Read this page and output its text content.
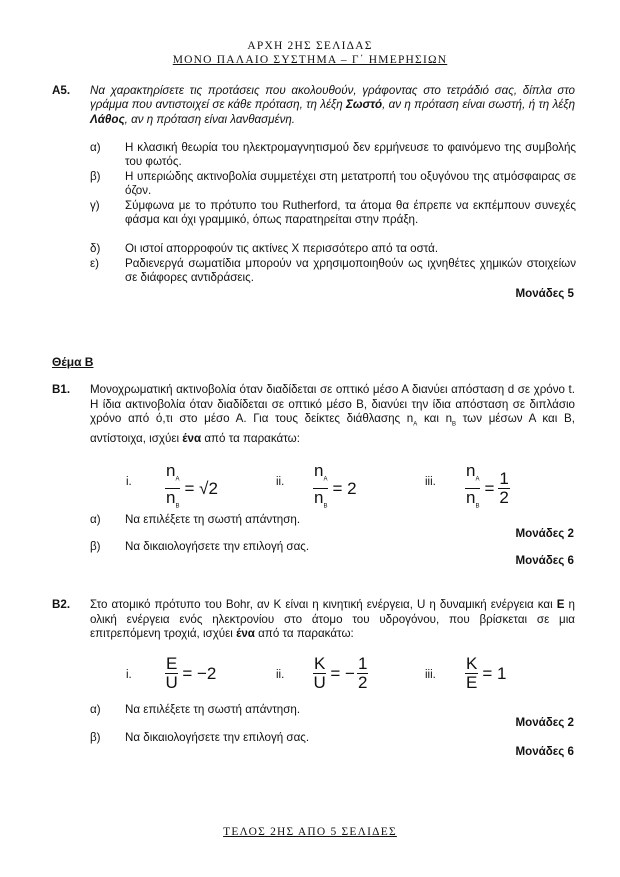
ΑΡΧΗ 2ΗΣ ΣΕΛΙΔΑΣ
ΜΟΝΟ ΠΑΛΑΙΟ ΣΥΣΤΗΜΑ – Γ΄ ΗΜΕΡΗΣΙΩΝ
Α5. Να χαρακτηρίσετε τις προτάσεις που ακολουθούν, γράφοντας στο τετράδιό σας, δίπλα στο γράμμα που αντιστοιχεί σε κάθε πρόταση, τη λέξη Σωστό, αν η πρόταση είναι σωστή, ή τη λέξη Λάθος, αν η πρόταση είναι λανθασμένη.
α) Η κλασική θεωρία του ηλεκτρομαγνητισμού δεν ερμήνευσε το φαινόμενο της συμβολής του φωτός.
β) Η υπεριώδης ακτινοβολία συμμετέχει στη μετατροπή του οξυγόνου της ατμόσφαιρας σε όζον.
γ) Σύμφωνα με το πρότυπο του Rutherford, τα άτομα θα έπρεπε να εκπέμπουν συνεχές φάσμα και όχι γραμμικό, όπως παρατηρείται στην πράξη.
δ) Οι ιστοί απορροφούν τις ακτίνες Χ περισσότερο από τα οστά.
ε) Ραδιενεργά σωματίδια μπορούν να χρησιμοποιηθούν ως ιχνηθέτες χημικών στοιχείων σε διάφορες αντιδράσεις.
Μονάδες 5
Θέμα Β
Β1. Μονοχρωματική ακτινοβολία όταν διαδίδεται σε οπτικό μέσο Α διανύει απόσταση d σε χρόνο t. Η ίδια ακτινοβολία όταν διαδίδεται σε οπτικό μέσο Β, διανύει την ίδια απόσταση σε διπλάσιο χρόνο από ό,τι στο μέσο Α. Για τους δείκτες διάθλασης $n_A$ και $n_B$ των μέσων Α και Β, αντίστοιχα, ισχύει ένα από τα παρακάτω:
i. $\frac{n_A}{n_B} = √2$	ii. $\frac{n_A}{n_B} = 2$	iii. $\frac{n_A}{n_B} = \frac{1}{2}$
α) Να επιλέξετε τη σωστή απάντηση.
Μονάδες 2
β) Να δικαιολογήσετε την επιλογή σας.
Μονάδες 6
Β2. Στο ατομικό πρότυπο του Bohr, αν K είναι η κινητική ενέργεια, U η δυναμική ενέργεια και Ε η ολική ενέργεια ενός ηλεκτρονίου στο άτομο του υδρογόνου, που βρίσκεται σε μια επιτρεπόμενη τροχιά, ισχύει ένα από τα παρακάτω:
i. $\frac{E}{U} = -2$	ii. $\frac{K}{U}$ = − $\frac{1}{2}$	iii. $\frac{K}{E} = 1$
α) Να επιλέξετε τη σωστή απάντηση.
Μονάδες 2
β) Να δικαιολογήσετε την επιλογή σας.
Μονάδες 6
ΤΕΛΟΣ 2ΗΣ ΑΠΟ 5 ΣΕΛΙΔΕΣ
